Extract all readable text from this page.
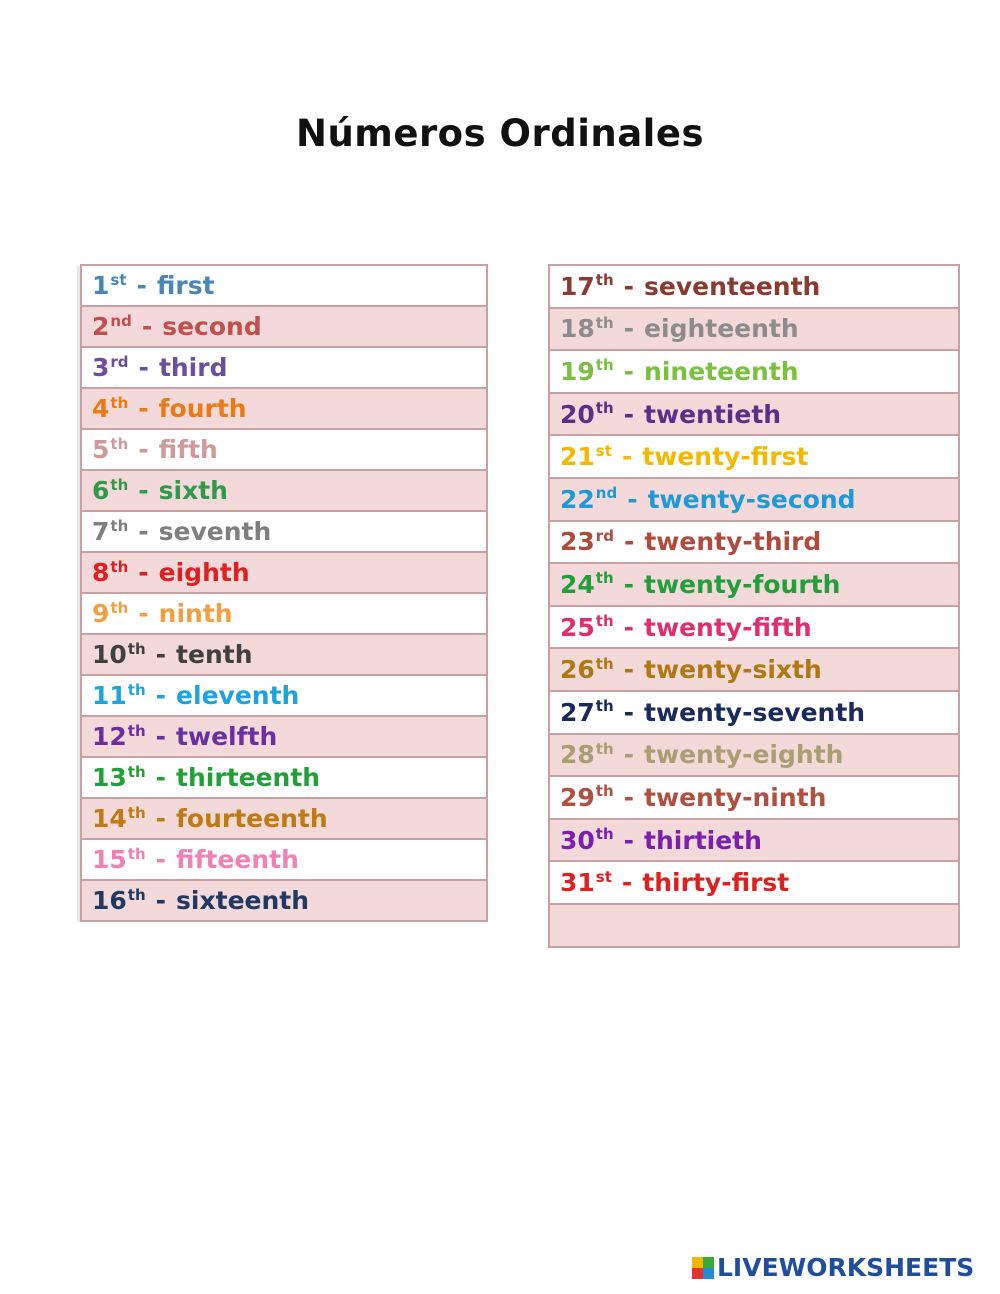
Números Ordinales
1st - first
2nd - second
3rd - third
4th - fourth
5th - fifth
6th - sixth
7th - seventh
8th - eighth
9th - ninth
10th - tenth
11th - eleventh
12th - twelfth
13th - thirteenth
14th - fourteenth
15th - fifteenth
16th - sixteenth
17th - seventeenth
18th - eighteenth
19th - nineteenth
20th - twentieth
21st - twenty-first
22nd - twenty-second
23rd - twenty-third
24th - twenty-fourth
25th - twenty-fifth
26th - twenty-sixth
27th - twenty-seventh
28th - twenty-eighth
29th - twenty-ninth
30th - thirtieth
31st - thirty-first
LIVEWORKSHEETS
